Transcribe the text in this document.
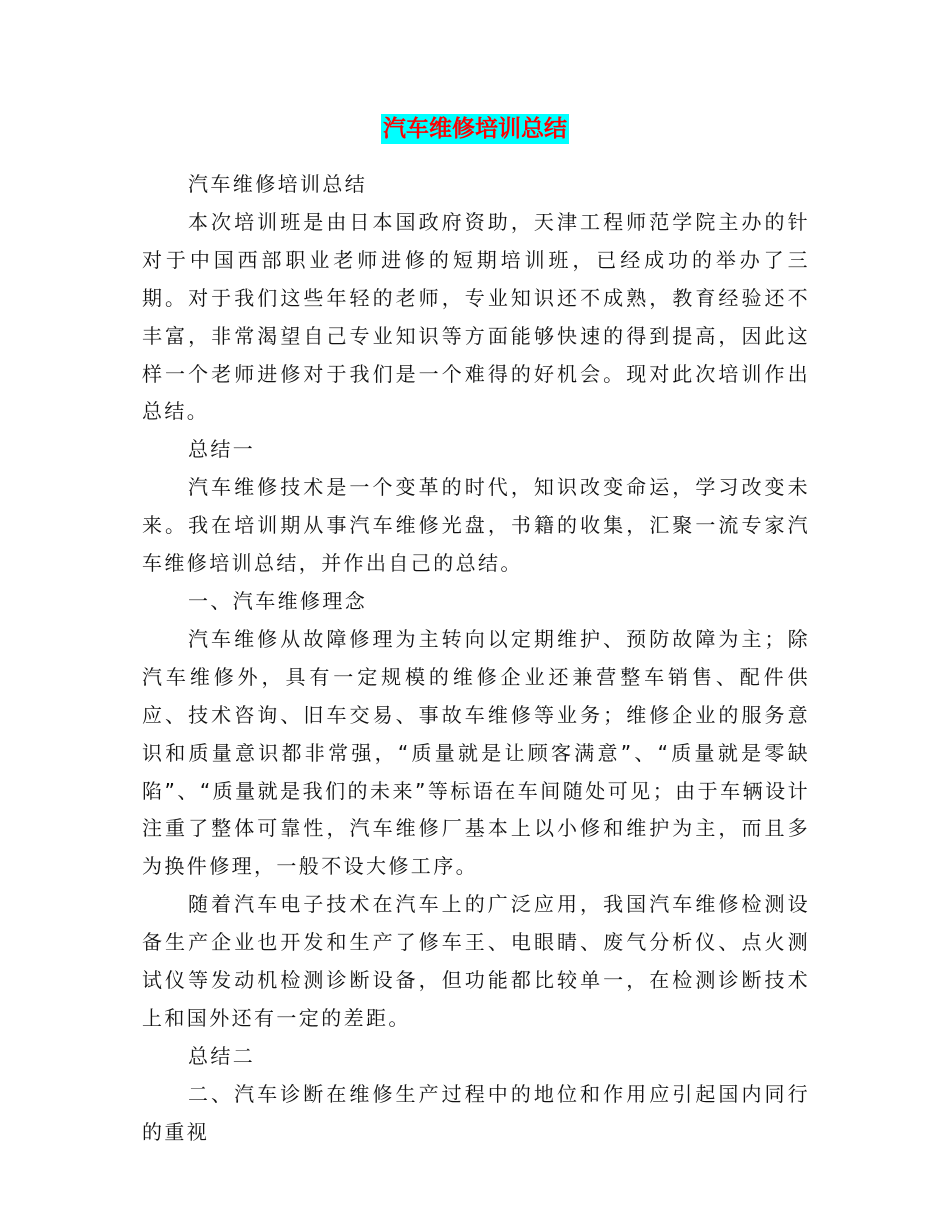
汽车维修培训总结

汽车维修培训总结

本次培训班是由日本国政府资助，天津工程师范学院主办的针对于中国西部职业老师进修的短期培训班，已经成功的举办了三期。对于我们这些年轻的老师，专业知识还不成熟，教育经验还不丰富，非常渴望自己专业知识等方面能够快速的得到提高，因此这样一个老师进修对于我们是一个难得的好机会。现对此次培训作出总结。

总结一

汽车维修技术是一个变革的时代，知识改变命运，学习改变未来。我在培训期从事汽车维修光盘，书籍的收集，汇聚一流专家汽车维修培训总结，并作出自己的总结。

一、汽车维修理念

汽车维修从故障修理为主转向以定期维护、预防故障为主；除汽车维修外，具有一定规模的维修企业还兼营整车销售、配件供应、技术咨询、旧车交易、事故车维修等业务；维修企业的服务意识和质量意识都非常强，“质量就是让顾客满意”、“质量就是零缺陷”、“质量就是我们的未来”等标语在车间随处可见；由于车辆设计注重了整体可靠性，汽车维修厂基本上以小修和维护为主，而且多为换件修理，一般不设大修工序。

随着汽车电子技术在汽车上的广泛应用，我国汽车维修检测设备生产企业也开发和生产了修车王、电眼睛、废气分析仪、点火测试仪等发动机检测诊断设备，但功能都比较单一，在检测诊断技术上和国外还有一定的差距。

总结二

二、汽车诊断在维修生产过程中的地位和作用应引起国内同行的重视
